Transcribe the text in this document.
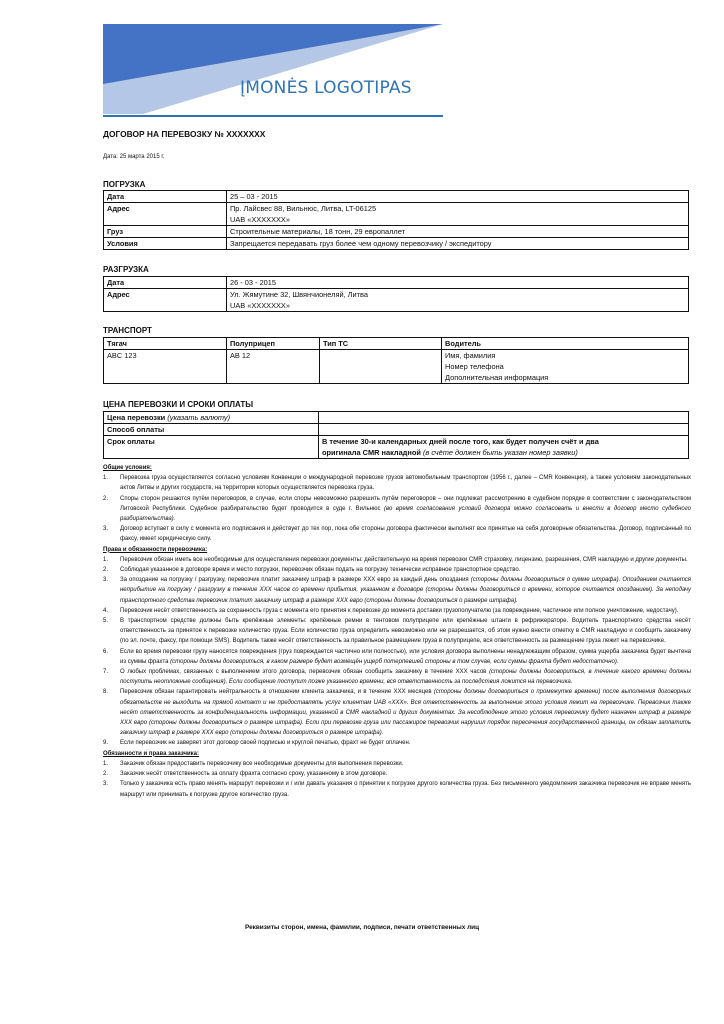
ĮMONĖS LOGOTIPAS
ДОГОВОР НА ПЕРЕВОЗКУ № XXXXXXX
Дата: 25 марта 2015 г.
ПОГРУЗКА
Дата	25 – 03 - 2015
Адрес	Пр. Лайсвес 88, Вильнюс, Литва, LT-06125
UAB «XXXXXXX»

Груз	Строительные материалы, 18 тонн, 29 европаллет
Условия	Запрещается передавать груз более чем одному перевозчику / экспедитору
РАЗГРУЗКА
Дата	26 - 03 - 2015
Адрес	Ул. Жямутине 32, Швянчионеляй, Литва
UAB «XXXXXXX»
ТРАНСПОРТ
Тягач	Полуприцеп	Тип ТС	Водитель
ABC 123	AB 12		Имя, фамилия
Номер телефона
Дополнительная информация
ЦЕНА ПЕРЕВОЗКИ И СРОКИ ОПЛАТЫ
Цена перевозки (указать валюту)	
Способ оплаты	
Срок оплаты	В течение 30-и календарных дней после того, как будет получен счёт и два
оригинала CMR накладной (в счёте должен быть указан номер заявки)
Общие условия:
1. Перевозка груза осуществляется согласно условиям Конвенции о международной перевозке грузов автомобильным транспортом (1956 г., далее – CMR Конвенция), а также условиям законодательных актов Литвы и других государств, на территории которых осуществляется перевозка груза.
2. Споры сторон решаются путём переговоров, в случае, если споры невозможно разрешить путём переговоров – они подлежат рассмотрению в судебном порядке в соответствии с законодательством Литовской Республики. Судебное разбирательство будет проводится в суде г. Вильнюс (во время согласования условий договора можно согласовать и внести в договор место судебного разбирательства).
3. Договор вступает в силу с момента его подписания и действует до тех пор, пока обе стороны договора фактически выполнят все принятые на себя договорные обязательства. Договор, подписанный по факсу, имеет юридическую силу.
Права и обязанности перевозчика:
1. Перевозчик обязан иметь все необходимые для осуществления перевозки документы: действительную на время перевозки CMR страховку, лицензию, разрешения, CMR накладную и другие документы.
2. Соблюдая указанное в договоре время и место погрузки, перевозчик обязан подать на погрузку технически исправное транспортное средство.
3. За опоздание на погрузку / разгрузку, перевозчик платит заказчику штраф в размере XXX евро за каждый день опоздания (стороны должны договориться о сумме штрафа). Опозданием считается неприбытие на погрузку / разгрузку в течение XXX часов со времени прибытия, указанном в договоре (стороны должны договориться о времени, которое считается опозданием). За неподачу транспортного средства перевозчик платит заказчику штраф в размере XXX евро (стороны должны договориться о размере штрафа).
4. Перевозчик несёт ответственность за сохранность груза с момента его принятия к перевозке до момента доставки грузополучателю (за повреждение, частичное или полное уничтожение, недостачу).
5. В транспортном средстве должны быть крепёжные элементы: крепёжные ремни в тентовом полуприцепе или крепёжные штанги в рефрижераторе. Водитель транспортного средства несёт ответственность за принятое к перевозке количество груза. Если количество груза определить невозможно или не разрешается, об этом нужно внести отметку в CMR накладную и сообщить заказчику (по эл. почте, факсу, при помощи SMS). Водитель также несёт ответственность за правильное размещение груза в полуприцепе, вся ответственность за размещение груза лежит на перевозчике.
6. Если во время перевозки грузу наносятся повреждения (груз повреждается частично или полностью), или условия договора выполнены ненадлежащим образом, сумма ущерба заказчика будет вычтена из суммы фрахта (стороны должны договориться, в каком размере будет возмещён ущерб потерпевшей стороны в том случае, если суммы фрахта будет недостаточно).
7. О любых проблемах, связанных с выполнением этого договора, перевозчик обязан сообщить заказчику в течение XXX часов (стороны должны договориться, в течение какого времени должны поступить неотложные сообщения). Если сообщение поступит позже указанного времени, вся ответственность за последствия ложится на перевозчика.
8. Перевозчик обязан гарантировать нейтральность в отношении клиента заказчика, и в течение XXX месяцев (стороны должны договориться о промежутке времени) после выполнения договорных обязательств не выходить на прямой контакт и не предоставлять услуг клиентам UAB «XXX». Вся ответственность за выполнение этого условия лежит на перевозчике. Перевозчик также несёт ответственность за конфиденциальность информации, указанной в CMR накладной и других документах. За несоблюдение этого условия перевозчику будет назначен штраф в размере XXX евро (стороны должны договориться о размере штрафа). Если при перевозке груза или пассажиров перевозчик нарушил порядок пересечения государственной границы, он обязан заплатить заказчику штраф в размере XXX евро (стороны должны договориться о размере штрафа).
9. Если перевозчик не заверяет этот договор своей подписью и круглой печатью, фрахт не будет оплачен.
Обязанности и права заказчика:
1. Заказчик обязан предоставить перевозчику все необходимые документы для выполнения перевозки.
2. Заказчик несёт ответственность за оплату фрахта согласно сроку, указанному в этом договоре.
3. Только у заказчика есть право менять маршрут перевозки и / или давать указания о принятии к погрузке другого количества груза. Без письменного уведомления заказчика перевозчик не вправе менять маршрут или принимать к погрузке другое количество груза.
Реквизиты сторон, имена, фамилии, подписи, печати ответственных лиц
